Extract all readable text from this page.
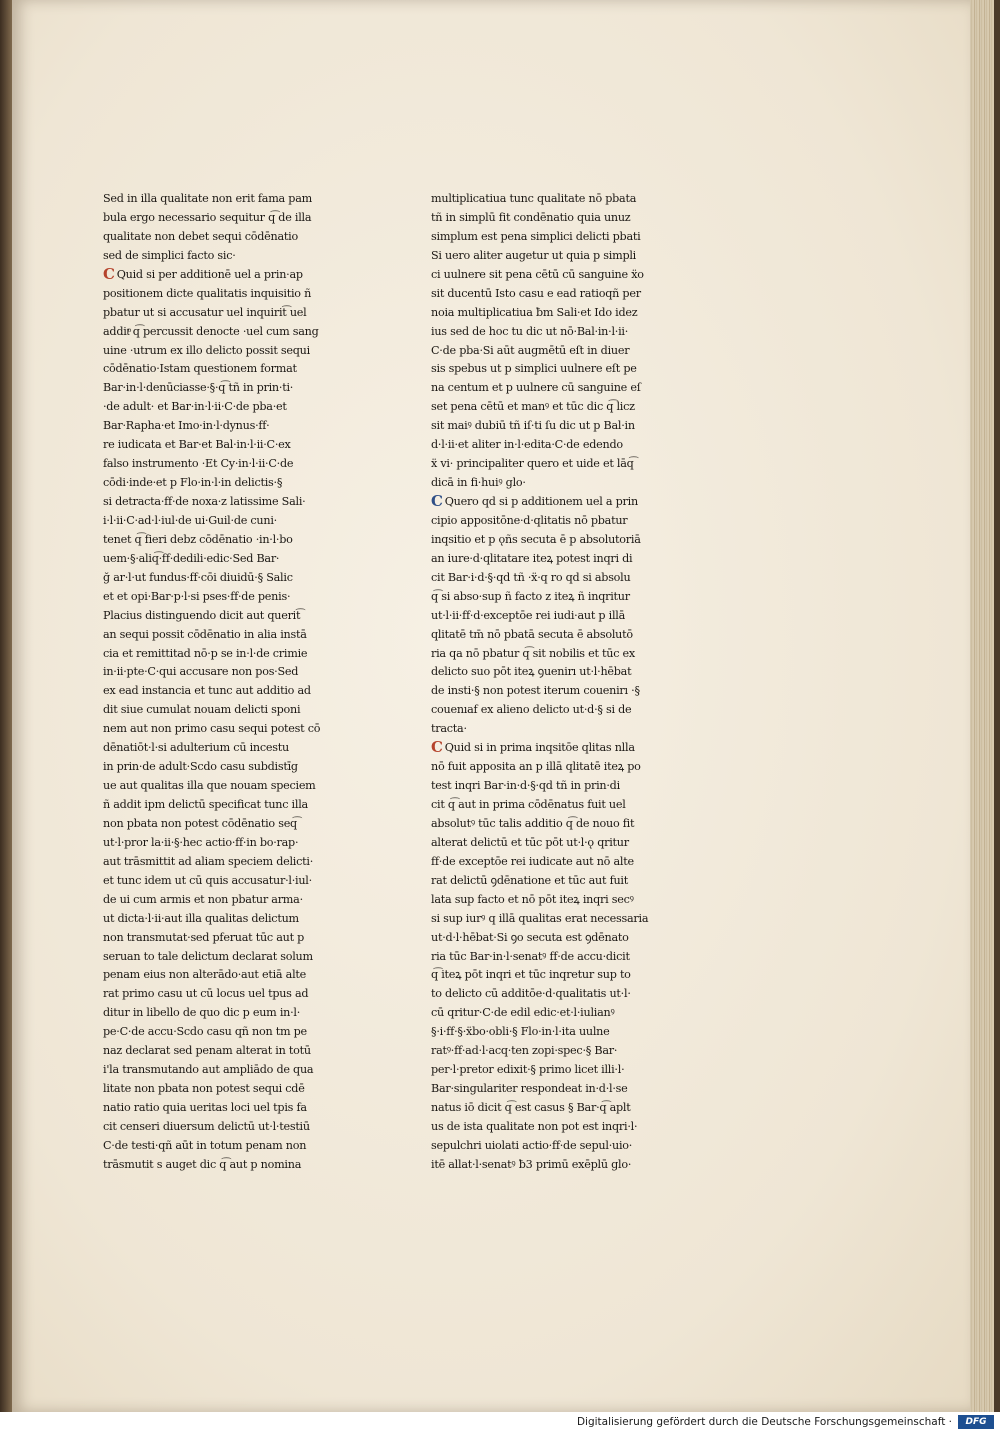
Sed in illa qualitate non erit fama pam
bula ergo necessario sequitur q͡ de illa
qualitate non debet sequi cōdēnatio
sed de simplici facto sic·
C Quid si per additionē uel a prin·ap
positionem dicte qualitatis inquisitio ñ
pbatur ut si accusatur uel inquirit͡ uel
additͦ q͡ percussit denocte ·uel cum sang
uine ·utrum ex illo delicto possit sequi
cōdēnatio·Istam questionem format
Bar·in·l·denūciasse·§·q͡ tñ in prin·ti·
·de adult· et Bar·in·l·ii·C·de pba·et
Bar·Rapha·et Imo·in·l·dynus·ff·
re iudicata et Bar·et Bal·in·l·ii·C·ex
falso instrumento ·Et Cy·in·l·ii·C·de
cōdi·inde·et p Flo·in·l·in delictis·§
si detracta·ff·de noxa·z latissime Sali·
i·l·ii·C·ad·l·iul·de ui·Guil·de cuni·
tenet q͡ fieri debz cōdēnatio ·in·l·bo
uem·§·aliq͡·ff·dedili·edic·Sed Bar·
ğ ar·l·ut fundus·ff·cōi diuidū·§ Salic
et et opi·Bar·p·l·si pses·ff·de penis·
Placius distinguendo dicit aut querit͡
an sequi possit cōdēnatio in alia instā
cia et remittitad nō·p se in·l·de crimie
in·ii·pte·C·qui accusare non pos·Sed
ex ead instancia et tunc aut additio ad
dit siue cumulat nouam delicti sponi
nem aut non primo casu sequi potest cō
dēnatiōt·l·si adulterium cū incestu
in prin·de adult·Scdo casu subdistīg
ue aut qualitas illa que nouam speciem
ñ addit ipm delictū specificat tunc illa
non pbata non potest cōdēnatio seq͡
ut·l·pror la·ii·§·hec actio·ff·in bo·rap·
aut trāsmittit ad aliam speciem delicti·
et tunc idem ut cū quis accusatur·l·iul·
de ui cum armis et non pbatur arma·
ut dicta·l·ii·aut illa qualitas delictum
non transmutat·sed pferuat tūc aut p
seruan to tale delictum declarat solum
penam eius non alterādo·aut etiā alte
rat primo casu ut cū locus uel tpus ad
ditur in libello de quo dic p eum in·l·
pe·C·de accu·Scdo casu qñ non tm pe
naz declarat sed penam alterat in totū
i'la transmutando aut ampliādo de qua
litate non pbata non potest sequi cdē
natio ratio quia ueritas loci uel tpis fa
cit censeri diuersum delictū ut·l·testiū
C·de testi·qñ aūt in totum penam non
trāsmutit s auget dic q͡ aut p nomina
multiplicatiua tunc qualitate nō pbata
tñ in simplū fit condēnatio quia unuz
simplum est pena simplici delicti pbati
Si uero aliter augetur ut quia p simpli
ci uulnere sit pena cētū cū sanguine ẍo
sit ducentū Isto casu e ead ratioqñ per
noia multiplicatiua ƀm Sali·et Ido idez
ius sed de hoc tu dic ut nō·Bal·in·l·ii·
C·de pba·Si aūt augmētū eſt in diuer
sis spebus ut p simplici uulnere eſt pe
na centum et p uulnere cū sanguine eſ
set pena cētū et manꝰ et tūc dic q͡ licz
sit maiꝰ dubiū tñ iſ·ti ſu dic ut p Bal·in
d·l·ii·et aliter in·l·edita·C·de edendo
ẍ vi· principaliter quero et uide et lāq͡
dicā in fi·huiꝰ glo·
C Quero qd si p additionem uel a prin
cipio appositōne·d·qlitatis nō pbatur
inqsitio et p ǫñs secuta ē p absolutoriā
an iure·d·qlitatare iteꝝ potest inqri di
cit Bar·i·d·§·qd tñ ·ẍ·q ro qd si absolu
q͡ si abso·sup ñ facto z iteꝝ ñ inqritur
ut·l·ii·ff·d·exceptōe rei iudi·aut p illā
qlitatē tm̄ nō pbatā secuta ē absolutō
ria qa nō pbatur q͡ sit nobilis et tūc ex
delicto suo pōt iteꝝ ꝯuenirı ut·l·hēbat
de insti·§ non potest iterum couenirı ·§
couenıaf ex alieno delicto ut·d·§ si de
tracta·
C Quid si in prima inqsitōe qlitas nlla
nō fuit apposita an p illā qlitatē iteꝝ po
test inqri Bar·in·d·§·qd tñ in prin·di
cit q͡ aut in prima cōdēnatus fuit uel
absolutꝰ tūc talis additio q͡ de nouo fit
alterat delictū et tūc pōt ut·l·ǫ qritur
ff·de exceptōe rei iudicate aut nō alte
rat delictū ꝯdēnatione et tūc aut fuit
lata sup facto et nō pōt iteꝝ inqri secꝰ
si sup iurꝰ q illā qualitas erat necessaria
ut·d·l·hēbat·Si ꝯo secuta est ꝯdēnato
ria tūc Bar·in·l·senatꝰ ff·de accu·dicit
q͡ iteꝝ pōt inqri et tūc inqretur sup to
to delicto cū additōe·d·qualitatis ut·l·
cū qritur·C·de edil edic·et·l·iulianꝰ
§·i·ff·§·ẍbo·obli·§ Flo·in·l·ita uulne
ratꝰ·ff·ad·l·acq·ten zopi·spec·§ Bar·
per·l·pretor edixit·§ primo licet illi·l·
Bar·singulariter respondeat in·d·l·se
natus iō dicit q͡ est casus § Bar·q͡ aplt
us de ista qualitate non pot est inqri·l·
sepulchri uiolati actio·ff·de sepul·uio·
itē allat·l·senatꝰ ƀ3 primū exēplū glo·
Digitalisierung gefördert durch die Deutsche Forschungsgemeinschaft ·	DFG
